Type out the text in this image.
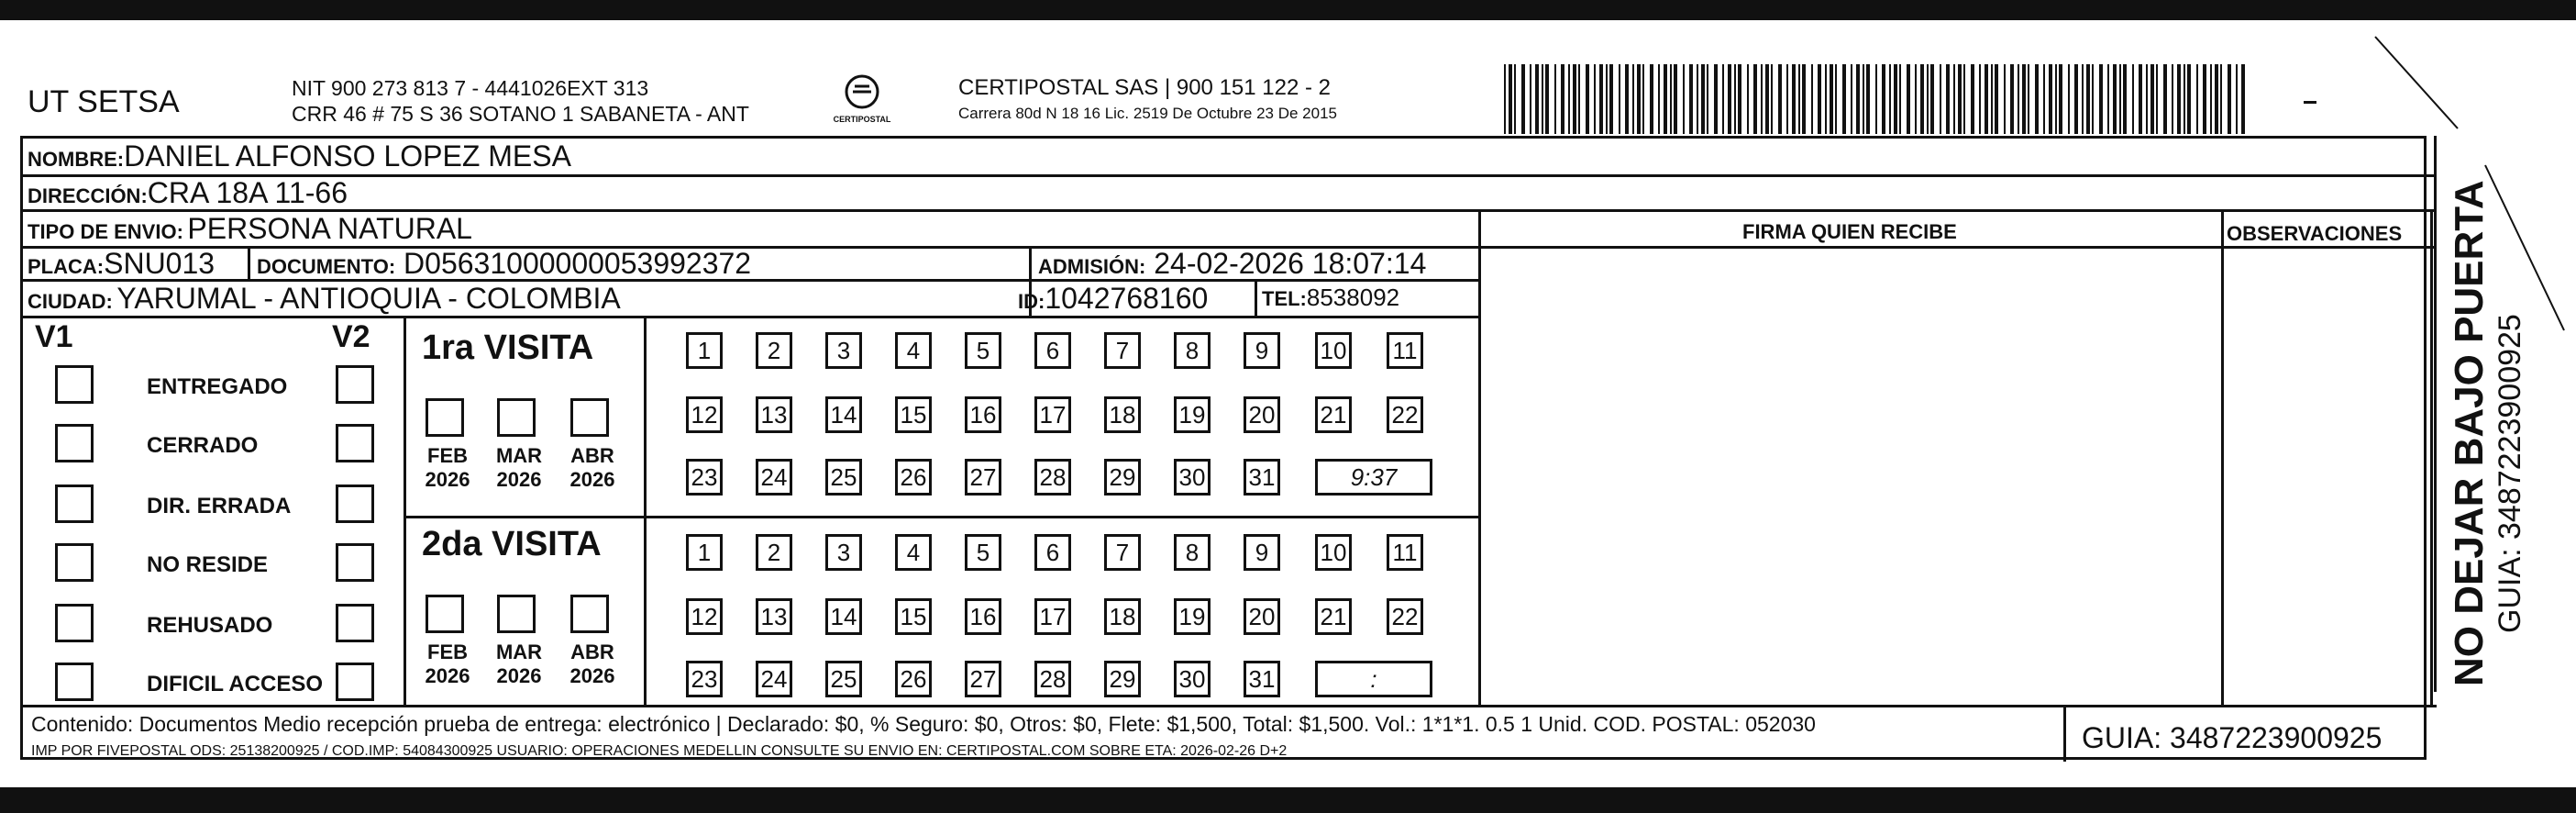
UT SETSA	NIT 900 273 813 7 - 4441026EXT 313
CRR 46 # 75 S 36 SOTANO 1 SABANETA - ANT	CERTIPOSTAL
CERTIPOSTAL SAS | 900 151 122 - 2
Carrera 80d N 18 16 Lic. 2519 De Octubre 23 De 2015
NOMBRE:DANIEL ALFONSO LOPEZ MESA
DIRECCIÓN:CRA 18A 11-66
TIPO DE ENVIO: PERSONA NATURAL	FIRMA QUIEN RECIBE	OBSERVACIONES
PLACA:SNU013 DOCUMENTO: D05631000000053992372	ADMISIÓN: 24-02-2026 18:07:14
CIUDAD: YARUMAL - ANTIOQUIA - COLOMBIA	ID:1042768160	TEL:8538092
V1	V2
ENTREGADO
CERRADO
DIR. ERRADA
NO RESIDE
REHUSADO
DIFICIL ACCESO
1ra VISITA
2da VISITA
1	2	3	4	5	6	7	8	9	10 11
12 13 14 15 16 17 18 19 20 21 22
23 24 25 26 27 28 29 30 31	9:37
1	2	3	4	5	6	7	8	9	10 11
12 13 14 15 16 17 18 19 20 21 22
23 24 25 26 27 28 29 30 31	:
FEB
2026
MAR
2026
ABR
2026
FEB
2026
MAR
2026
ABR
2026
Contenido: Documentos Medio recepción prueba de entrega: electrónico | Declarado: $0, % Seguro: $0, Otros: $0, Flete: $1,500, Total: $1,500. Vol.: 1*1*1. 0.5 1 Unid. COD. POSTAL: 052030
IMP POR FIVEPOSTAL ODS: 25138200925 / COD.IMP: 54084300925 USUARIO: OPERACIONES MEDELLIN CONSULTE SU ENVIO EN: CERTIPOSTAL.COM SOBRE ETA: 2026-02-26 D+2	GUIA: 3487223900925
NO DEJAR BAJO PUERTA GUIA: 3487223900925
